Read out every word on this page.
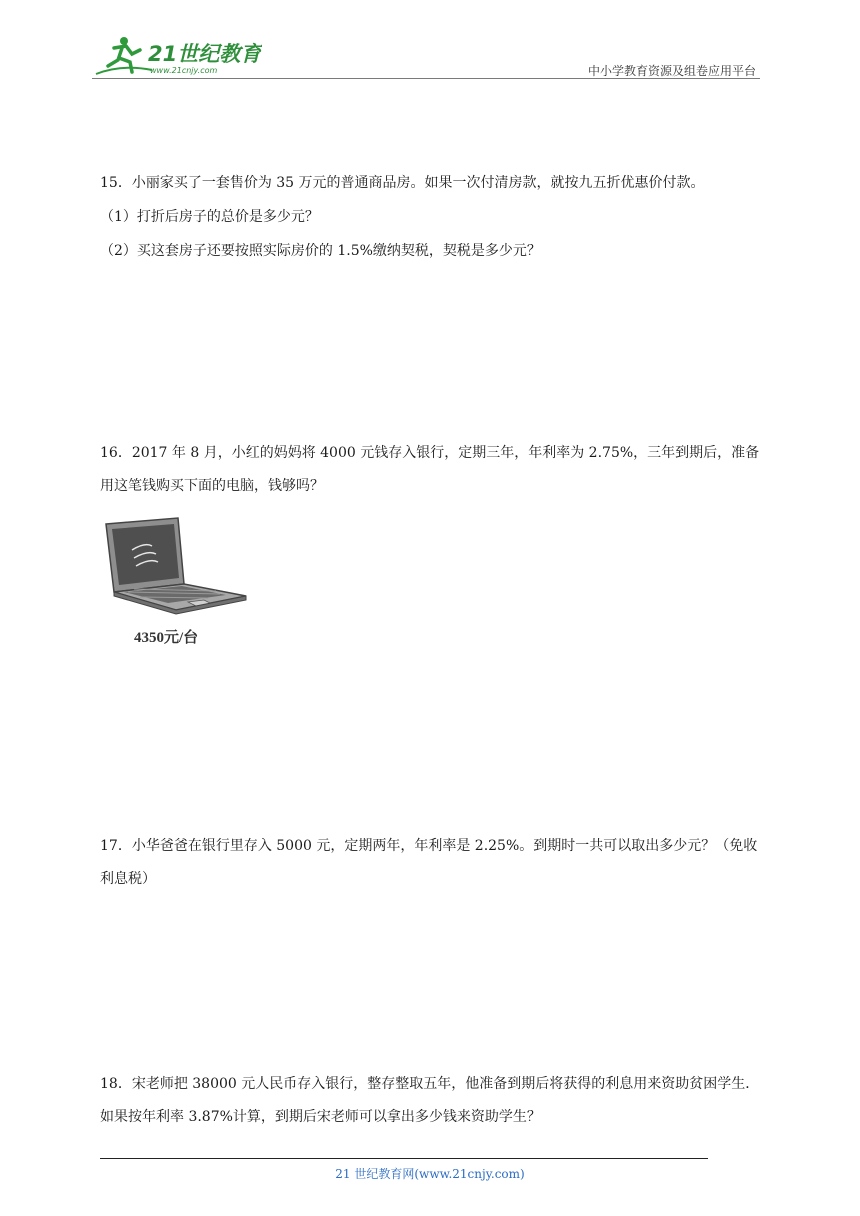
21世纪教育
www.21cnjy.com	中小学教育资源及组卷应用平台
15．小丽家买了一套售价为 35 万元的普通商品房。如果一次付清房款，就按九五折优惠价付款。
（1）打折后房子的总价是多少元？
（2）买这套房子还要按照实际房价的 1.5%缴纳契税，契税是多少元？
16．2017 年 8 月，小红的妈妈将 4000 元钱存入银行，定期三年，年利率为 2.75%，三年到期后，准备用这笔钱购买下面的电脑，钱够吗？
4350元/台
17．小华爸爸在银行里存入 5000 元，定期两年，年利率是 2.25%。到期时一共可以取出多少元？（免收利息税）
18．宋老师把 38000 元人民币存入银行，整存整取五年，他准备到期后将获得的利息用来资助贫困学生．如果按年利率 3.87%计算，到期后宋老师可以拿出多少钱来资助学生？
21 世纪教育网(www.21cnjy.com)
